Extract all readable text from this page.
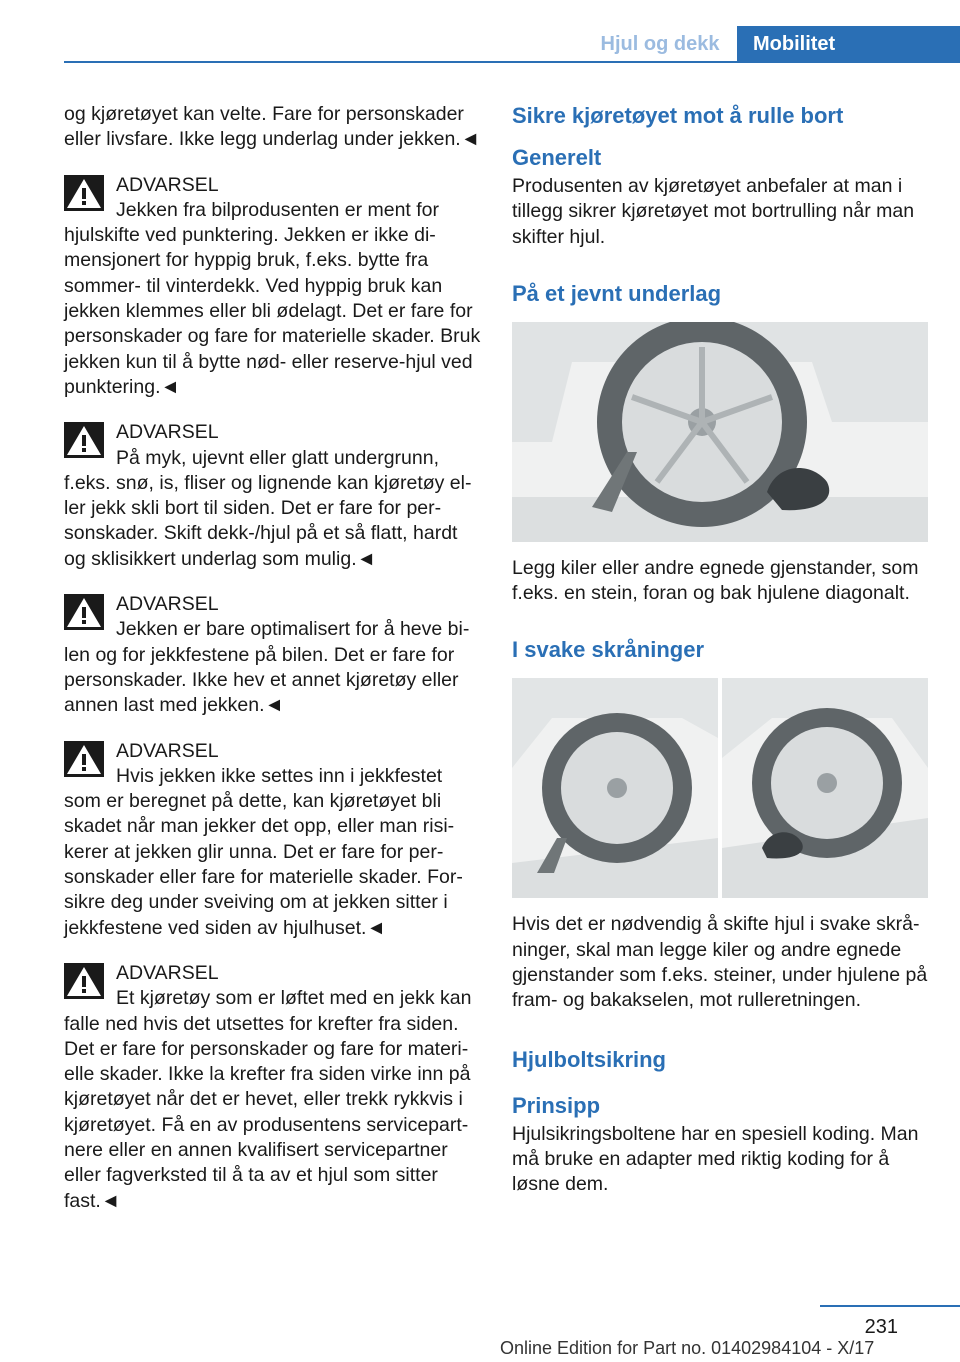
Hjul og dekk	Mobilitet

og kjøretøyet kan velte. Fare for personskader eller livsfare. Ikke legg underlag under jekken.◄

ADVARSEL

Jekken fra bilprodusenten er ment for

hjulskifte ved punktering. Jekken er ikke di-mensjonert for hyppig bruk, f.eks. bytte fra sommer- til vinterdekk. Ved hyppig bruk kan jekken klemmes eller bli ødelagt. Det er fare for personskader og fare for materielle skader. Bruk jekken kun til å bytte nød- eller reserve-hjul ved punktering.◄

ADVARSEL

På myk, ujevnt eller glatt undergrunn,

f.eks. snø, is, fliser og lignende kan kjøretøy el-ler jekk skli bort til siden. Det er fare for per-sonskader. Skift dekk-/hjul på et så flatt, hardt og sklisikkert underlag som mulig.◄

ADVARSEL

Jekken er bare optimalisert for å heve bi-

len og for jekkfestene på bilen. Det er fare for personskader. Ikke hev et annet kjøretøy eller annen last med jekken.◄

ADVARSEL

Hvis jekken ikke settes inn i jekkfestet

som er beregnet på dette, kan kjøretøyet bli skadet når man jekker det opp, eller man risi-kerer at jekken glir unna. Det er fare for per-sonskader eller fare for materielle skader. For-sikre deg under sveiving om at jekken sitter i jekkfestene ved siden av hjulhuset.◄

ADVARSEL

Et kjøretøy som er løftet med en jekk kan

falle ned hvis det utsettes for krefter fra siden. Det er fare for personskader og fare for materi-elle skader. Ikke la krefter fra siden virke inn på kjøretøyet når det er hevet, eller trekk rykkvis i kjøretøyet. Få en av produsentens servicepart-nere eller en annen kvalifisert servicepartner eller fagverksted til å ta av et hjul som sitter fast.◄

Sikre kjøretøyet mot å rulle bort

Generelt

Produsenten av kjøretøyet anbefaler at man i tillegg sikrer kjøretøyet mot bortrulling når man skifter hjul.

På et jevnt underlag

Legg kiler eller andre egnede gjenstander, som f.eks. en stein, foran og bak hjulene diagonalt.

I svake skråninger

Hvis det er nødvendig å skifte hjul i svake skrå-ninger, skal man legge kiler og andre egnede gjenstander som f.eks. steiner, under hjulene på fram- og bakakselen, mot rulleretningen.

Hjulboltsikring

Prinsipp

Hjulsikringsboltene har en spesiell koding. Man må bruke en adapter med riktig koding for å løsne dem.

231
Online Edition for Part no. 01402984104 - X/17
